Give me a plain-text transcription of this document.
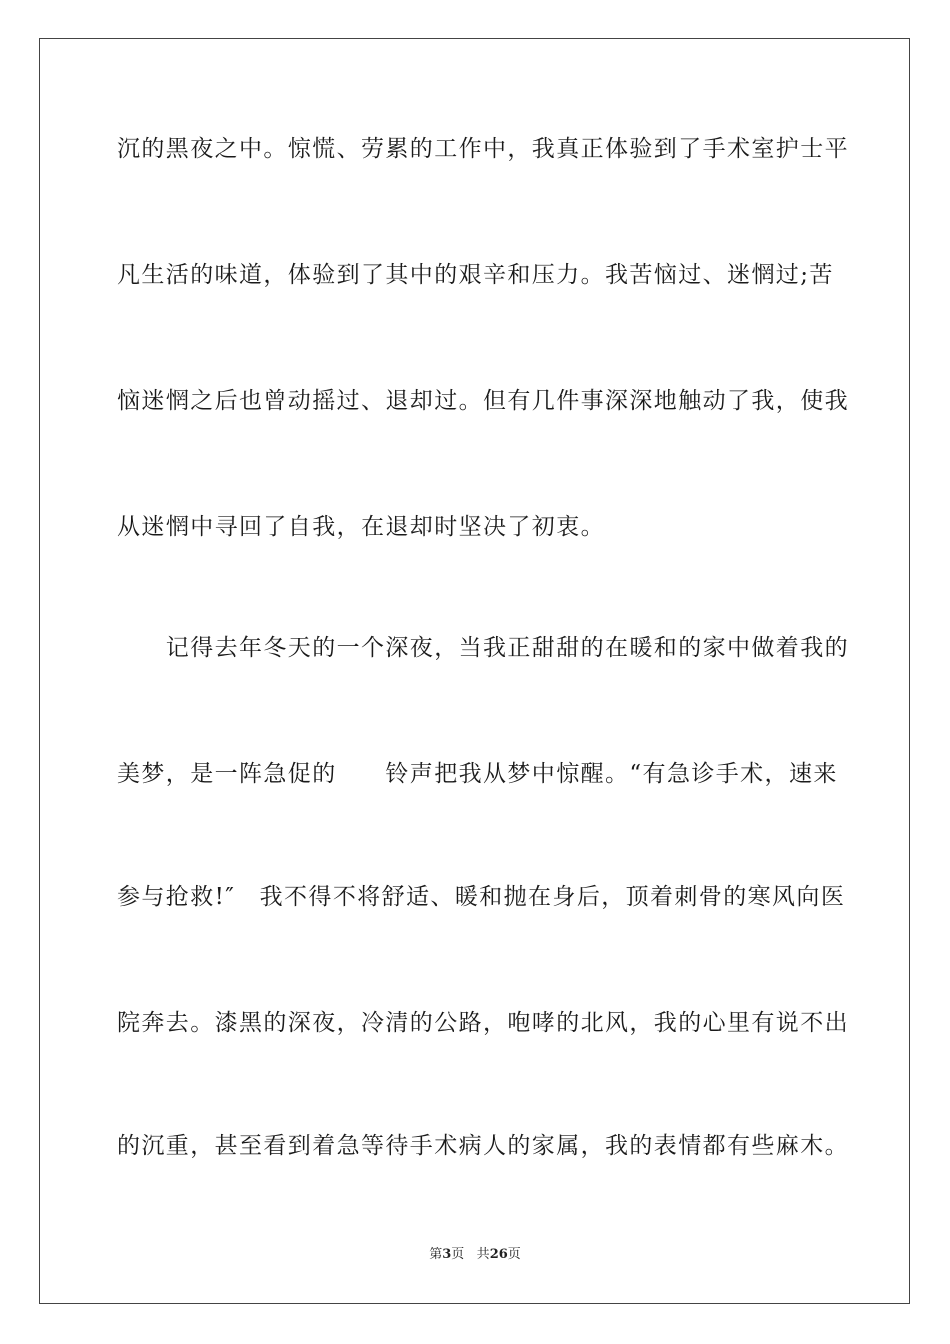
沉的黑夜之中。惊慌、劳累的工作中，我真正体验到了手术室护士平
凡生活的味道，体验到了其中的艰辛和压力。我苦恼过、迷惘过;苦
恼迷惘之后也曾动摇过、退却过。但有几件事深深地触动了我，使我
从迷惘中寻回了自我，在退却时坚决了初衷。
　　记得去年冬天的一个深夜，当我正甜甜的在暖和的家中做着我的
美梦，是一阵急促的　　铃声把我从梦中惊醒。“有急诊手术，速来
参与抢救!″　我不得不将舒适、暖和抛在身后，顶着刺骨的寒风向医
院奔去。漆黑的深夜，冷清的公路，咆哮的北风，我的心里有说不出
的沉重，甚至看到着急等待手术病人的家属，我的表情都有些麻木。
第3页 共26页
